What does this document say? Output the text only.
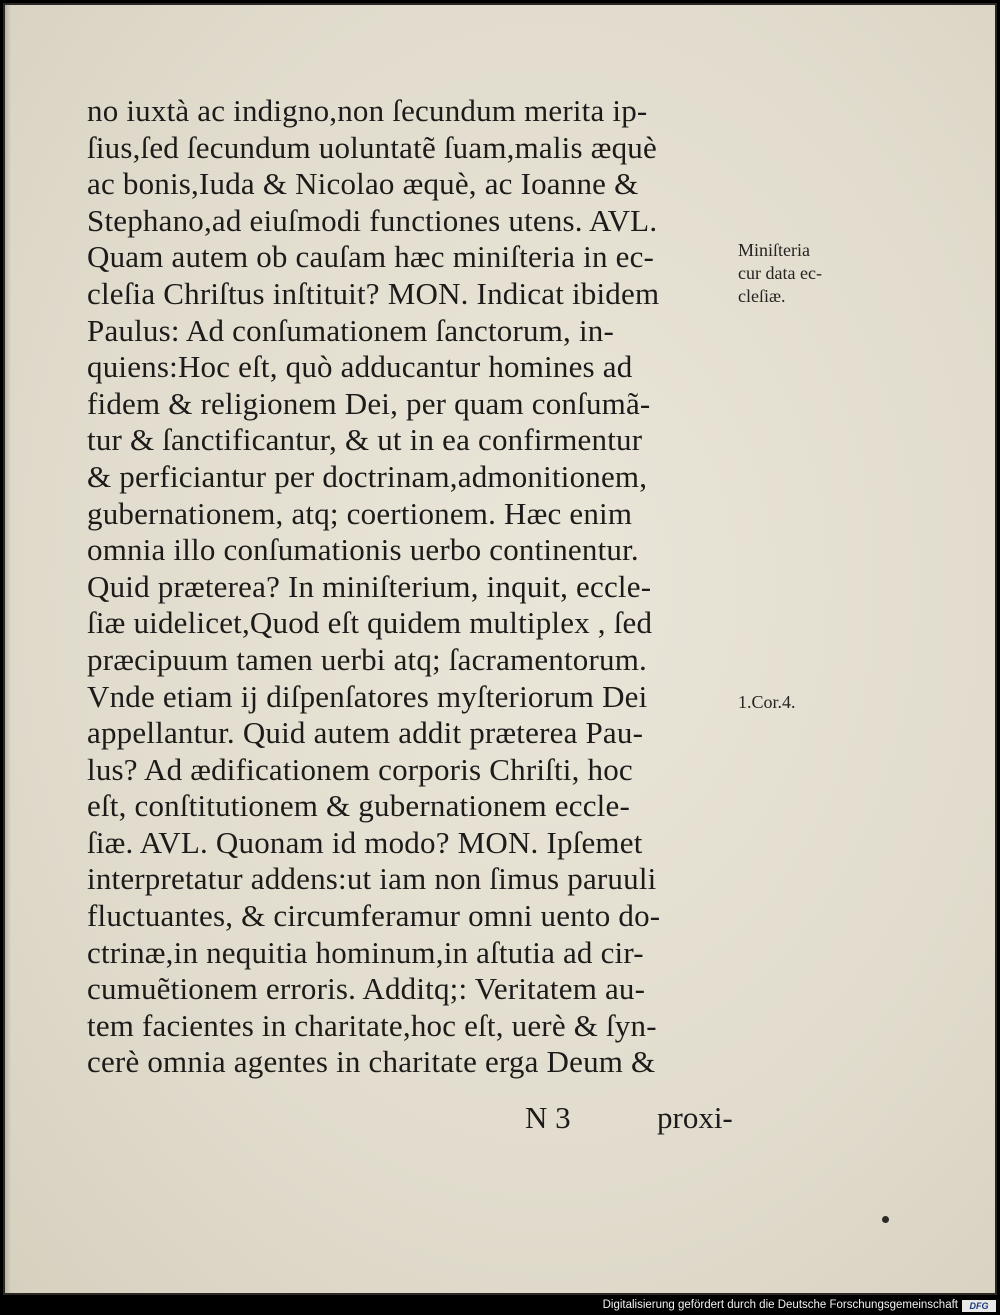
no iuxtà ac indigno,non ſecundum merita ip-
ſius,ſed ſecundum uoluntatẽ ſuam,malis æquè
ac bonis,Iuda & Nicolao æquè, ac Ioanne &
Stephano,ad eiuſmodi functiones utens. AVL.
Quam autem ob cauſam hæc miniſteria in ec-
cleſia Chriſtus inſtituit? MON. Indicat ibidem
Paulus: Ad conſumationem ſanctorum, in-
quiens:Hoc eſt, quò adducantur homines ad
fidem & religionem Dei, per quam conſumã-
tur & ſanctificantur, & ut in ea confirmentur
& perficiantur per doctrinam,admonitionem,
gubernationem, atq; coertionem. Hæc enim
omnia illo conſumationis uerbo continentur.
Quid præterea? In miniſterium, inquit, eccle-
ſiæ uidelicet,Quod eſt quidem multiplex , ſed
præcipuum tamen uerbi atq; ſacramentorum.
Vnde etiam ij diſpenſatores myſteriorum Dei
appellantur. Quid autem addit præterea Pau-
lus? Ad ædificationem corporis Chriſti, hoc
eſt, conſtitutionem & gubernationem eccle-
ſiæ. AVL. Quonam id modo? MON. Ipſemet
interpretatur addens:ut iam non ſimus paruuli
fluctuantes, & circumferamur omni uento do-
ctrinæ,in nequitia hominum,in aſtutia ad cir-
cumuẽtionem erroris. Additq;: Veritatem au-
tem facientes in charitate,hoc eſt, uerè & ſyn-
cerè omnia agentes in charitate erga Deum &
Miniſteria
cur data ec-
cleſiæ.
1.Cor.4.
N 3	proxi-
Digitalisierung gefördert durch die Deutsche Forschungsgemeinschaft	DFG
